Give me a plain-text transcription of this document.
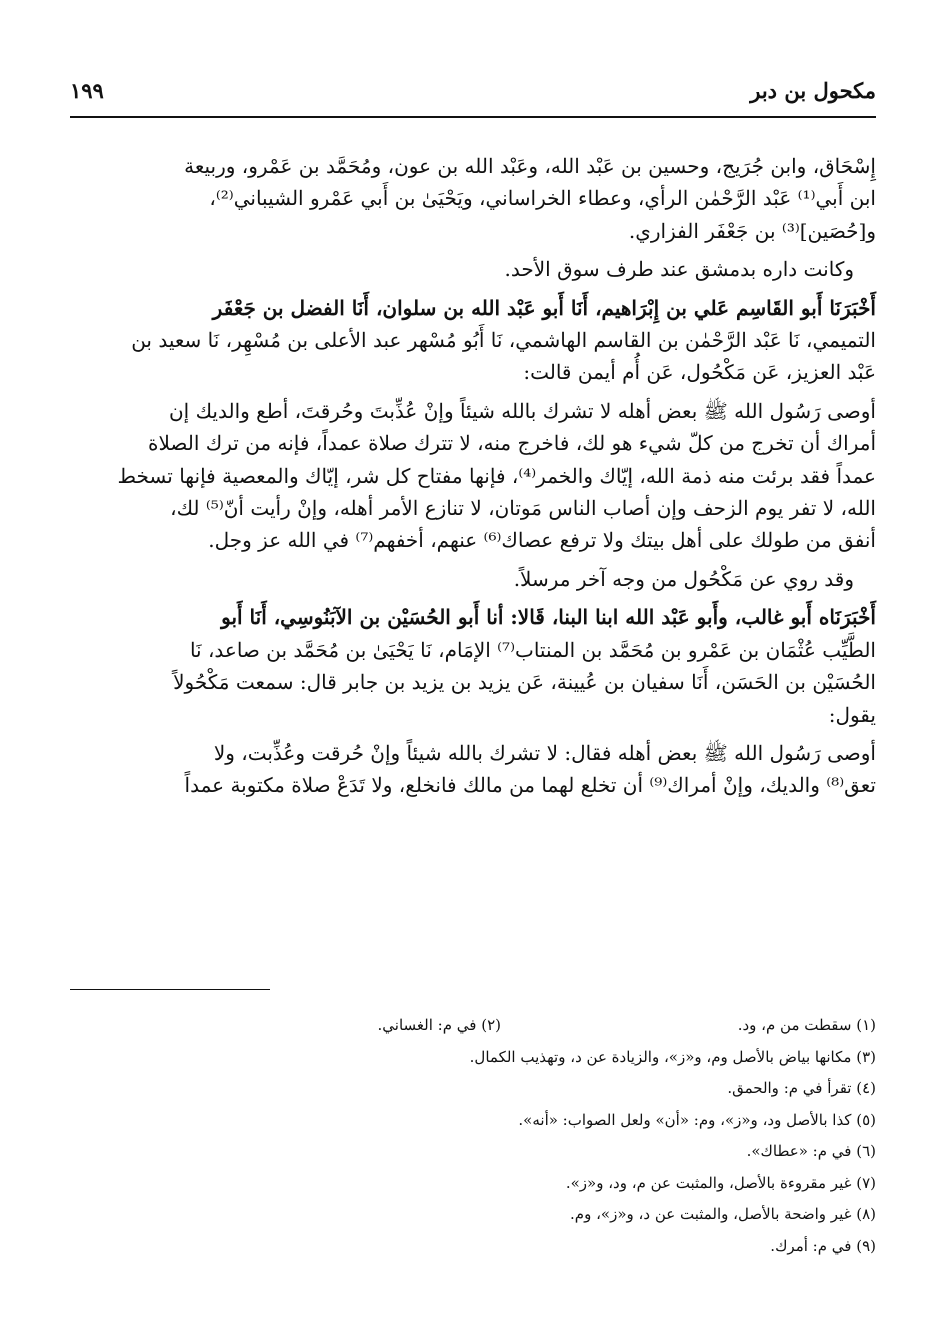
مكحول بن دبر
١٩٩

إِسْحَاق، وابن جُرَيج، وحسين بن عَبْد الله، وعَبْد الله بن عون، ومُحَمَّد بن عَمْرو، وربيعة
ابن أَبي⁽¹⁾ عَبْد الرَّحْمٰن الرأي، وعطاء الخراساني، ويَحْيَىٰ بن أَبي عَمْرو الشيباني⁽²⁾،
و[حُصَين]⁽³⁾ بن جَعْفَر الفزاري.

وكانت داره بدمشق عند طرف سوق الأحد.

أَخْبَرَنَا أَبو القَاسِم عَلي بن إِبْرَاهيم، أَنَا أَبو عَبْد الله بن سلوان، أَنَا الفضل بن جَعْفَر
التميمي، نَا عَبْد الرَّحْمٰن بن القاسم الهاشمي، نَا أَبُو مُسْهر عبد الأعلى بن مُسْهِر، نَا سعيد بن
عَبْد العزيز، عَن مَكْحُول، عَن أُم أيمن قالت:

أوصى رَسُول الله ﷺ بعض أهله لا تشرك بالله شيئاً وإنْ عُذِّبتَ وحُرقتَ، أطع والديك إن
أمراك أن تخرج من كلّ شيء هو لك، فاخرج منه، لا تترك صلاة عمداً، فإنه من ترك الصلاة
عمداً فقد برئت منه ذمة الله، إيّاك والخمر⁽⁴⁾، فإنها مفتاح كل شر، إيّاك والمعصية فإنها تسخط
الله، لا تفر يوم الزحف وإن أصاب الناس مَوتان، لا تنازع الأمر أهله، وإنْ رأيت أنّ⁽⁵⁾ لك،
أنفق من طولك على أهل بيتك ولا ترفع عصاك⁽⁶⁾ عنهم، أخفهم⁽⁷⁾ في الله عز وجل.

وقد روي عن مَكْحُول من وجه آخر مرسلاً.

أَخْبَرَنَاه أَبو غالب، وأَبو عَبْد الله ابنا البنا، قَالا: أنا أَبو الحُسَيْن بن الآبَنُوسِي، أَنَا أَبو
الطَّيِّب عُثْمَان بن عَمْرو بن مُحَمَّد بن المنتاب⁽⁷⁾ الإمَام، نَا يَحْيَىٰ بن مُحَمَّد بن صاعد، نَا
الحُسَيْن بن الحَسَن، أَنَا سفيان بن عُيينة، عَن يزيد بن يزيد بن جابر قال: سمعت مَكْحُولاً
يقول:

أوصى رَسُول الله ﷺ بعض أهله فقال: لا تشرك بالله شيئاً وإنْ حُرقت وعُذِّبت، ولا
تعق⁽⁸⁾ والديك، وإنْ أمراك⁽⁹⁾ أن تخلع لهما من مالك فانخلع، ولا تَدَعْ صلاة مكتوبة عمداً

(١) سقطت من م، ود.
(٢) في م: الغساني.
(٣) مكانها بياض بالأصل وم، و«ز»، والزيادة عن د، وتهذيب الكمال.
(٤) تقرأ في م: والحمق.
(٥) كذا بالأصل ود، و«ز»، وم: «أن» ولعل الصواب: «أنه».
(٦) في م: «عطاك».
(٧) غير مقروءة بالأصل، والمثبت عن م، ود، و«ز».
(٨) غير واضحة بالأصل، والمثبت عن د، و«ز»، وم.
(٩) في م: أمرك.
